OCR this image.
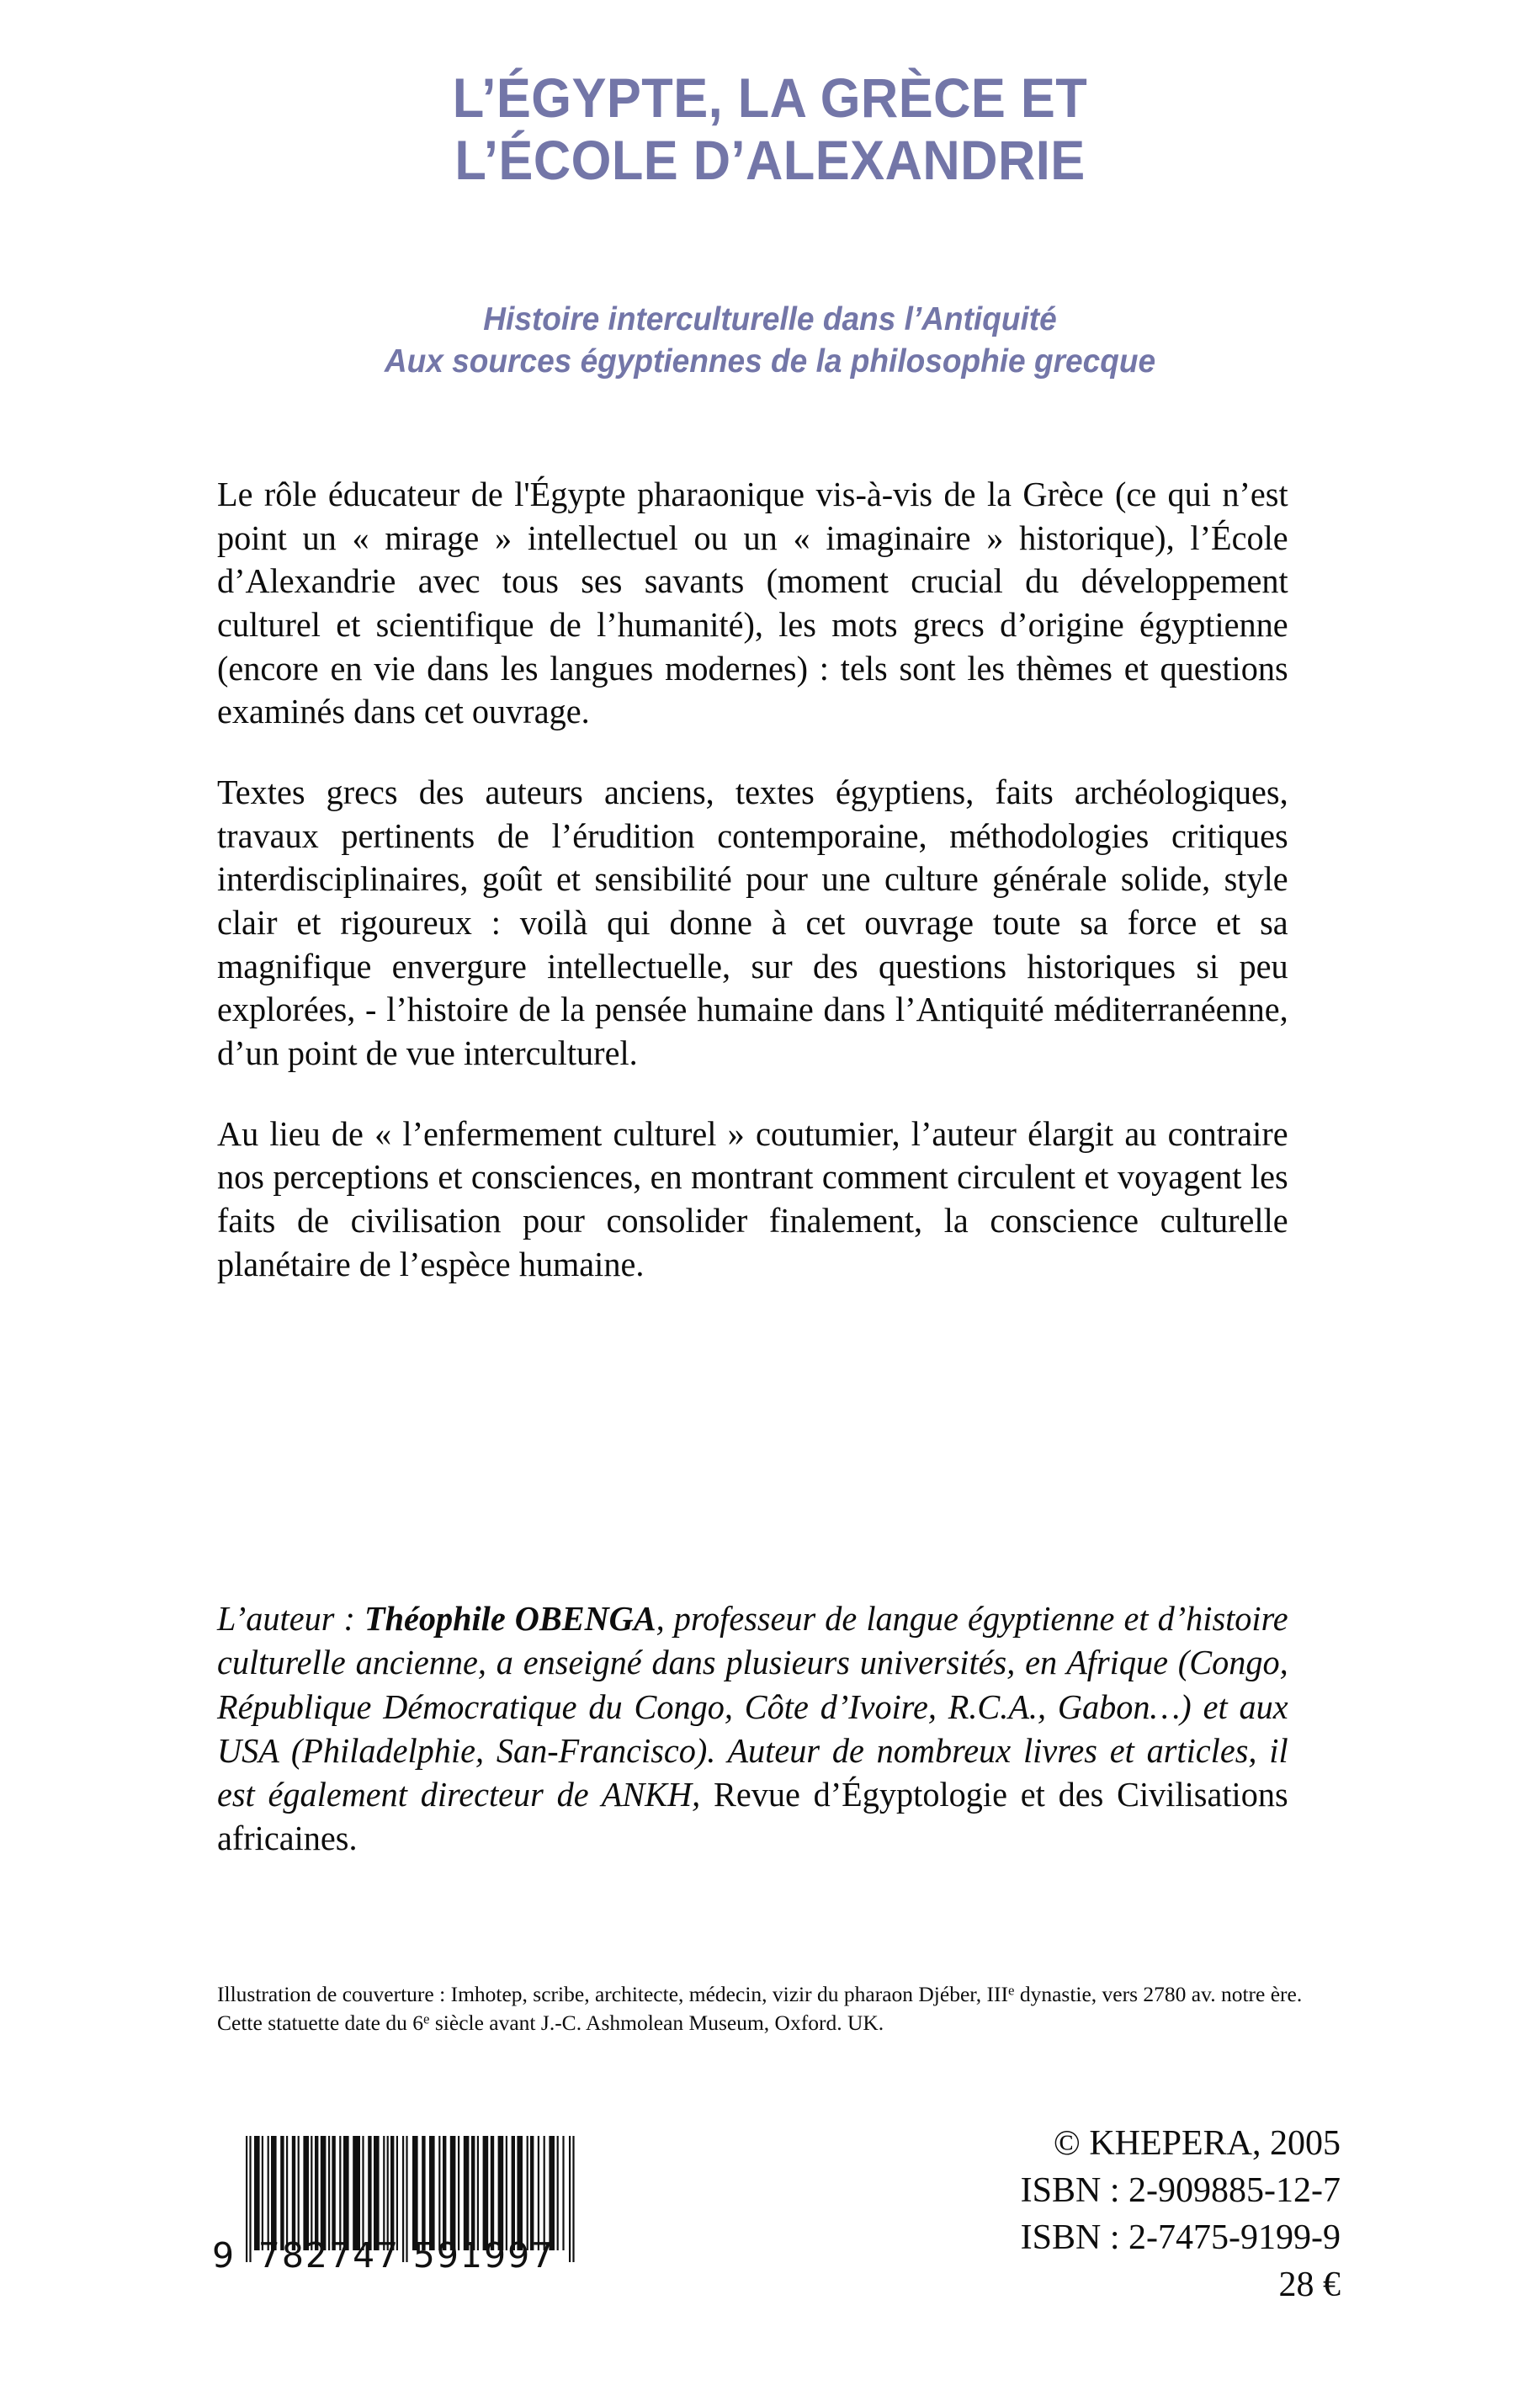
L’ÉGYPTE, LA GRÈCE ET
L’ÉCOLE D’ALEXANDRIE
Histoire interculturelle dans l’Antiquité
Aux sources égyptiennes de la philosophie grecque

Le rôle éducateur de l'Égypte pharaonique vis-à-vis de la Grèce (ce qui n’est point un « mirage » intellectuel ou un « imaginaire » historique), l’École d’Alexandrie avec tous ses savants (moment crucial du développement culturel et scientifique de l’humanité), les mots grecs d’origine égyptienne (encore en vie dans les langues modernes) : tels sont les thèmes et questions examinés dans cet ouvrage.

Textes grecs des auteurs anciens, textes égyptiens, faits archéologiques, travaux pertinents de l’érudition contemporaine, méthodologies critiques interdisciplinaires, goût et sensibilité pour une culture générale solide, style clair et rigoureux : voilà qui donne à cet ouvrage toute sa force et sa magnifique envergure intellectuelle, sur des questions historiques si peu explorées, - l’histoire de la pensée humaine dans l’Antiquité méditerranéenne, d’un point de vue interculturel.

Au lieu de « l’enfermement culturel » coutumier, l’auteur élargit au contraire nos perceptions et consciences, en montrant comment circulent et voyagent les faits de civilisation pour consolider finalement, la conscience culturelle planétaire de l’espèce humaine.

L’auteur : Théophile OBENGA, professeur de langue égyptienne et d’histoire culturelle ancienne, a enseigné dans plusieurs universités, en Afrique (Congo, République Démocratique du Congo, Côte d’Ivoire, R.C.A., Gabon…) et aux USA (Philadelphie, San-Francisco). Auteur de nombreux livres et articles, il est également directeur de ANKH, Revue d’Égyptologie et des Civilisations africaines.
Illustration de couverture : Imhotep, scribe, architecte, médecin, vizir du pharaon Djéber, IIIe dynastie, vers 2780 av. notre ère.
Cette statuette date du 6e siècle avant J.-C. Ashmolean Museum, Oxford. UK.
9 782747 591997
© KHEPERA, 2005
ISBN : 2-909885-12-7
ISBN : 2-7475-9199-9
28 €
